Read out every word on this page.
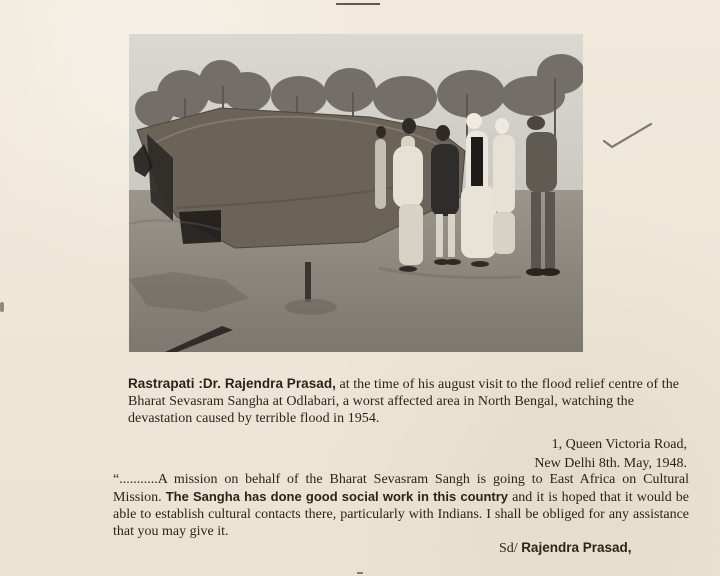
Rastrapati :Dr. Rajendra Prasad, at the time of his august visit to the flood relief centre of the Bharat Sevasram Sangha at Odlabari, a worst affected area in North Bengal, watching the devastation caused by terrible flood in 1954.
1, Queen Victoria Road,
New Delhi 8th. May, 1948.
“...........A mission on behalf of the Bharat Sevasram Sangh is going to East Africa on Cultural Mission. The Sangha has done good social work in this country and it is hoped that it would be able to establish cultural contacts there, particularly with Indians. I shall be obliged for any assistance that you may give it.
Sd/ Rajendra Prasad,
